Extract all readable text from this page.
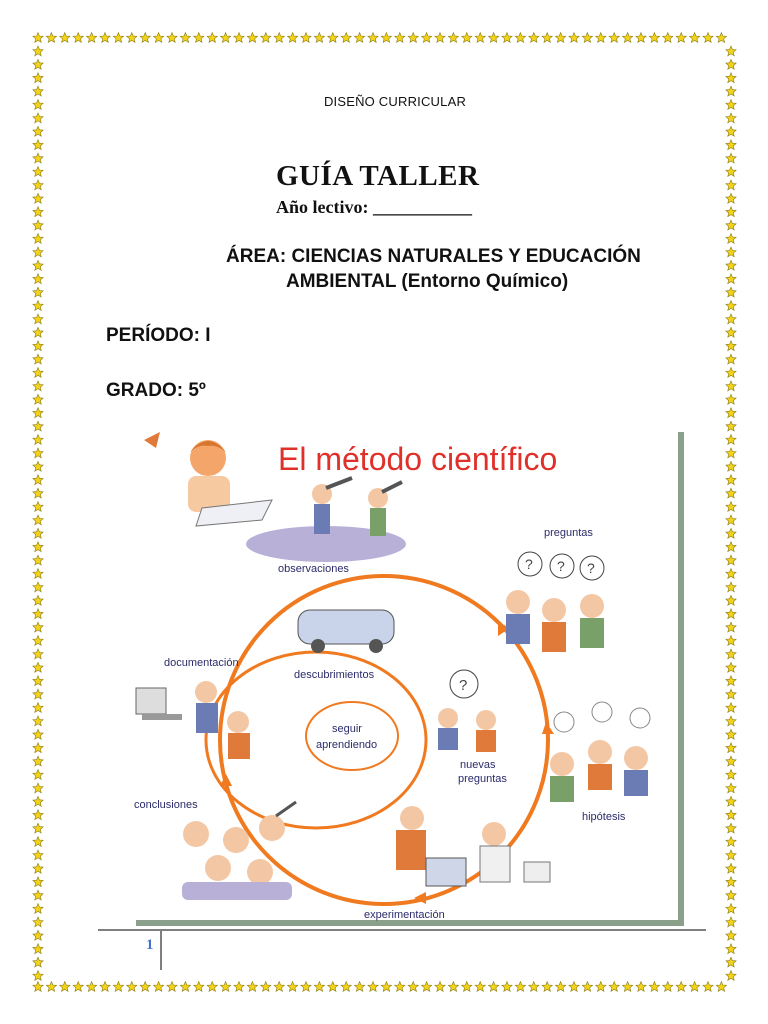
DISEÑO CURRICULAR
GUÍA TALLER
Año lectivo: ___________
ÁREA: CIENCIAS NATURALES Y EDUCACIÓN
AMBIENTAL (Entorno Químico)
PERÍODO: I
GRADO: 5º
El método científico
? ? ?
?
observaciones
preguntas
hipótesis
experimentación
conclusiones
documentación
descubrimientos
nuevas
preguntas
seguir
aprendiendo
1
